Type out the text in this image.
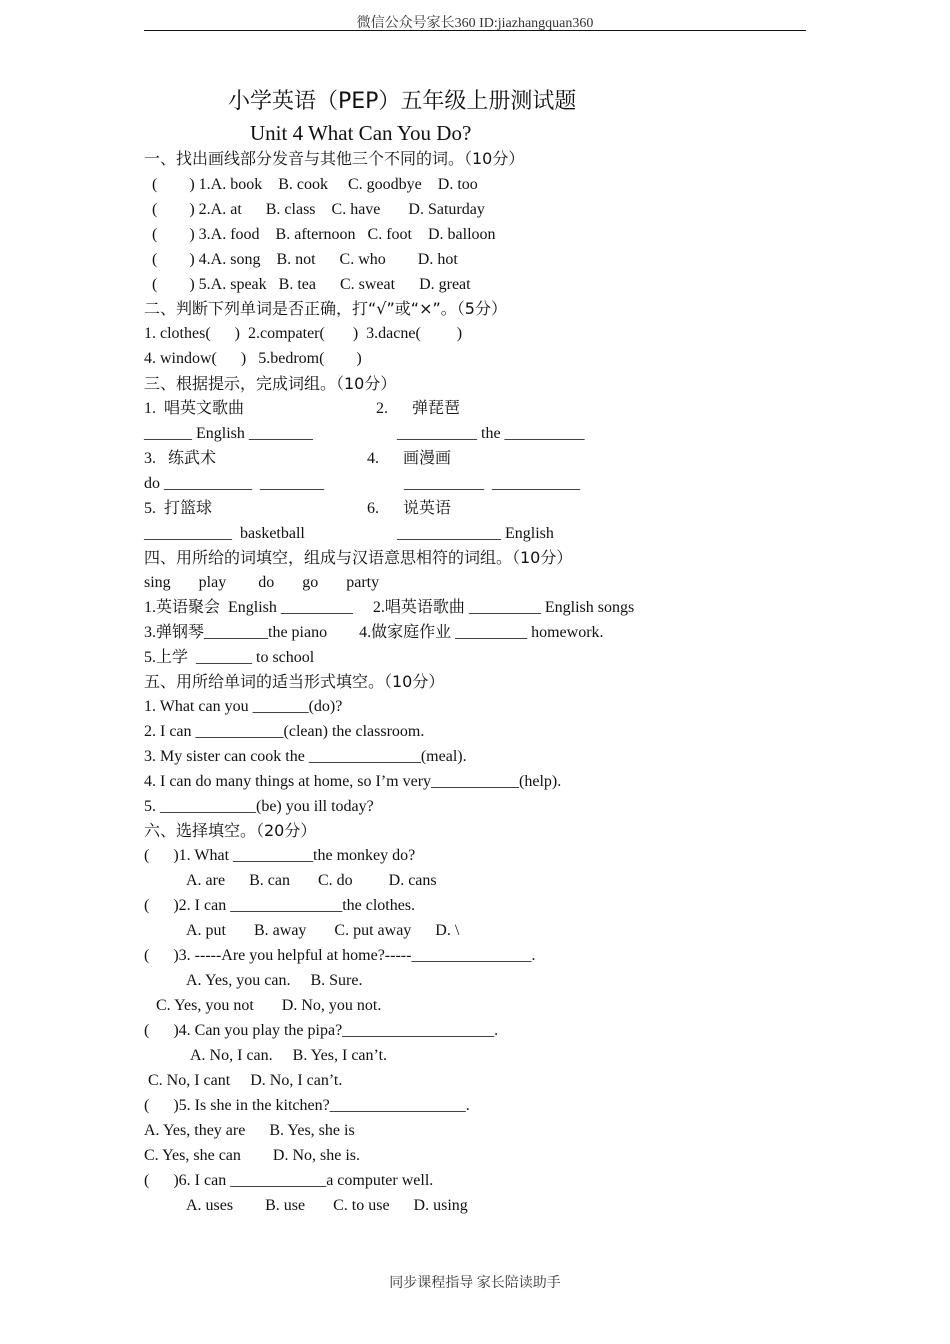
微信公众号家长360 ID:jiazhangquan360
小学英语（PEP）五年级上册测试题
Unit 4 What Can You Do?
一、找出画线部分发音与其他三个不同的词。（10分）
(        ) 1.A. book    B. cook     C. goodbye    D. too
(        ) 2.A. at      B. class    C. have       D. Saturday
(        ) 3.A. food    B. afternoon   C. foot    D. balloon
(        ) 4.A. song    B. not      C. who        D. hot
(        ) 5.A. speak   B. tea      C. sweat      D. great
二、判断下列单词是否正确，打“√”或“×”。（5分）
1. clothes(      )  2.compater(       )  3.dacne(         )
4. window(      )   5.bedrom(        )
三、根据提示，完成词组。（10分）
1.  唱英文歌曲
______ English ________
3.   练武术
do ___________  ________
5.  打篮球
___________  basketball
2.      弹琵琶
__________ the __________
4.      画漫画
__________  ___________
6.      说英语
_____________ English
四、用所给的词填空，组成与汉语意思相符的词组。（10分）
sing       play        do       go       party
1.英语聚会  English _________     2.唱英语歌曲 _________ English songs
3.弹钢琴________the piano        4.做家庭作业 _________ homework.
5.上学  _______ to school
五、用所给单词的适当形式填空。（10分）
1. What can you _______(do)?
2. I can ___________(clean) the classroom.
3. My sister can cook the ______________(meal).
4. I can do many things at home, so I’m very___________(help).
5. ____________(be) you ill today?
六、选择填空。（20分）
(      )1. What __________the monkey do?
A. are      B. can       C. do         D. cans
(      )2. I can ______________the clothes.
A. put       B. away       C. put away      D. \
(      )3. -----Are you helpful at home?-----_______________.
A. Yes, you can.     B. Sure.
C. Yes, you not       D. No, you not.
(      )4. Can you play the pipa?___________________.
A. No, I can.     B. Yes, I can’t.
C. No, I cant     D. No, I can’t.
(      )5. Is she in the kitchen?_________________.
A. Yes, they are      B. Yes, she is
C. Yes, she can        D. No, she is.
(      )6. I can ____________a computer well.
A. uses        B. use       C. to use      D. using
同步课程指导 家长陪读助手
